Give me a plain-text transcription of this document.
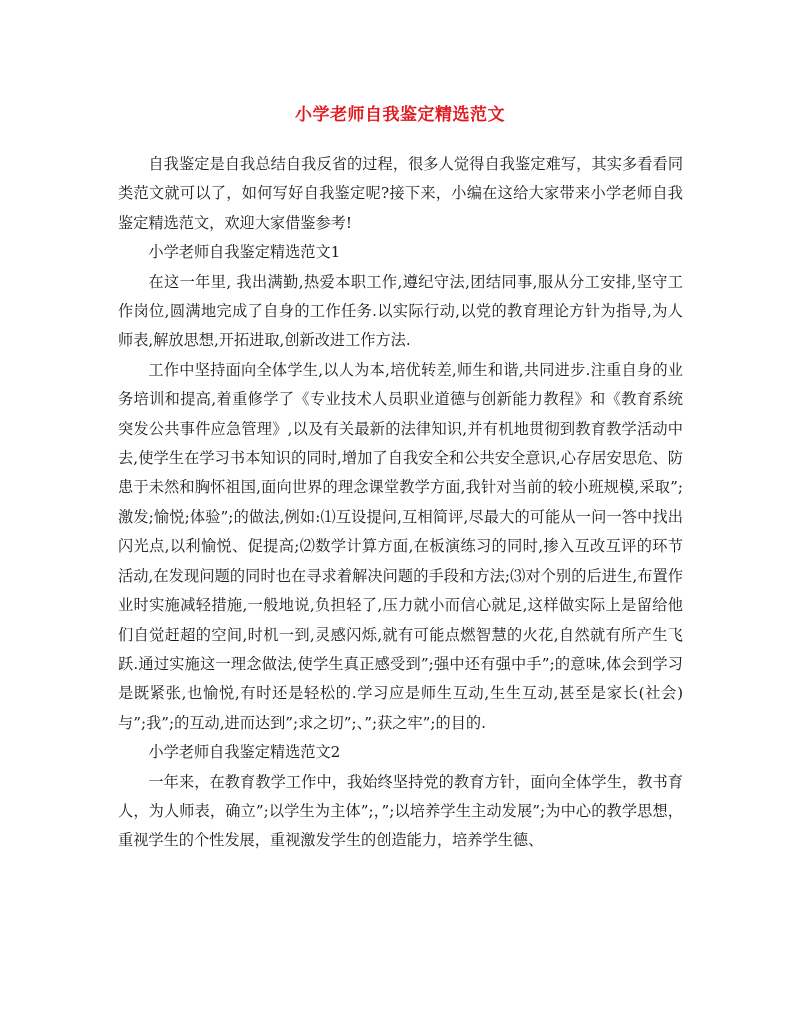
小学老师自我鉴定精选范文

自我鉴定是自我总结自我反省的过程，很多人觉得自我鉴定难写，其实多看看同类范文就可以了，如何写好自我鉴定呢?接下来，小编在这给大家带来小学老师自我鉴定精选范文，欢迎大家借鉴参考!

小学老师自我鉴定精选范文1

在这一年里, 我出满勤,热爱本职工作,遵纪守法,团结同事,服从分工安排,坚守工作岗位,圆满地完成了自身的工作任务.以实际行动,以党的教育理论方针为指导,为人师表,解放思想,开拓进取,创新改进工作方法.

工作中坚持面向全体学生,以人为本,培优转差,师生和谐,共同进步.注重自身的业务培训和提高,着重修学了《专业技术人员职业道德与创新能力教程》和《教育系统突发公共事件应急管理》,以及有关最新的法律知识,并有机地贯彻到教育教学活动中去,使学生在学习书本知识的同时,增加了自我安全和公共安全意识,心存居安思危、防患于未然和胸怀祖国,面向世界的理念课堂教学方面,我针对当前的较小班规模,采取”;激发;愉悦;体验”;的做法,例如:⑴互设提问,互相简评,尽最大的可能从一问一答中找出闪光点,以利愉悦、促提高;⑵数学计算方面,在板演练习的同时,掺入互改互评的环节活动,在发现问题的同时也在寻求着解决问题的手段和方法;⑶对个别的后进生,布置作业时实施减轻措施,一般地说,负担轻了,压力就小而信心就足,这样做实际上是留给他们自觉赶超的空间,时机一到,灵感闪烁,就有可能点燃智慧的火花,自然就有所产生飞跃.通过实施这一理念做法,使学生真正感受到”;强中还有强中手”;的意味,体会到学习是既紧张,也愉悦,有时还是轻松的.学习应是师生互动,生生互动,甚至是家长(社会)与”;我”;的互动,进而达到”;求之切”;、”;获之牢”;的目的.

小学老师自我鉴定精选范文2

一年来，在教育教学工作中，我始终坚持党的教育方针，面向全体学生，教书育人，为人师表，确立”;以学生为主体”;，”;以培养学生主动发展”;为中心的教学思想，重视学生的个性发展，重视激发学生的创造能力，培养学生德、
